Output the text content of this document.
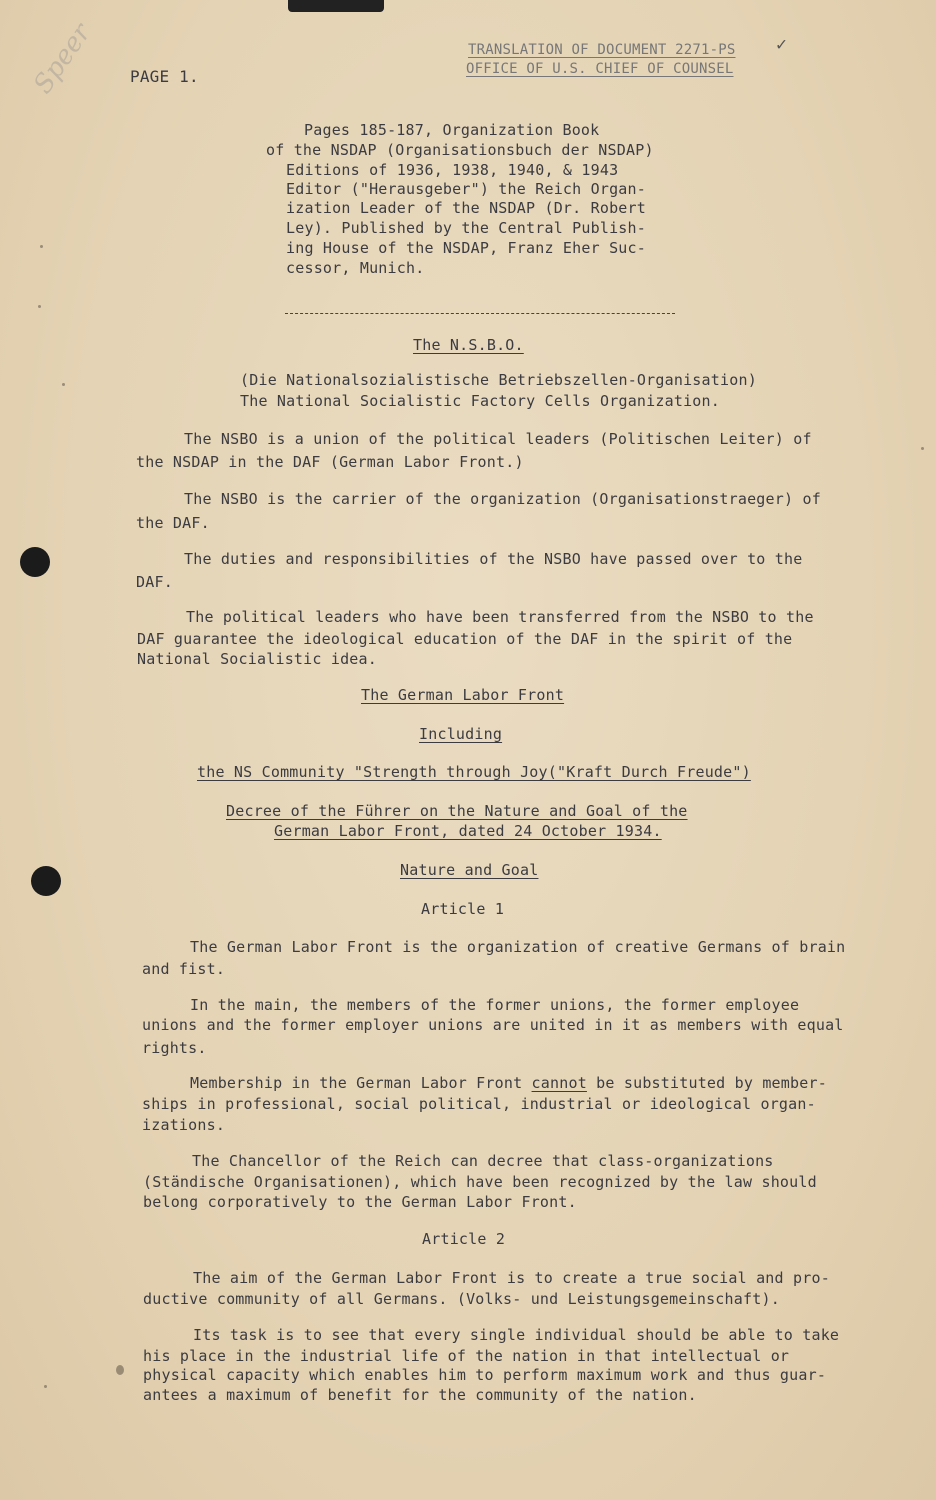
Speer PAGE 1.
TRANSLATION OF DOCUMENT 2271-PS
OFFICE OF U.S. CHIEF OF COUNSEL
✓
Pages 185-187, Organization Book
of the NSDAP (Organisationsbuch der NSDAP)
Editions of 1936, 1938, 1940, & 1943
Editor ("Herausgeber") the Reich Organ-
ization Leader of the NSDAP (Dr. Robert
Ley). Published by the Central Publish-
ing House of the NSDAP, Franz Eher Suc-
cessor, Munich.
The N.S.B.O.
(Die Nationalsozialistische Betriebszellen-Organisation)
The National Socialistic Factory Cells Organization.
The NSBO is a union of the political leaders (Politischen Leiter) of
the NSDAP in the DAF (German Labor Front.)
The NSBO is the carrier of the organization (Organisationstraeger) of
the DAF.
The duties and responsibilities of the NSBO have passed over to the
DAF.
The political leaders who have been transferred from the NSBO to the
DAF guarantee the ideological education of the DAF in the spirit of the
National Socialistic idea.
The German Labor Front
Including
the NS Community "Strength through Joy("Kraft Durch Freude")
Decree of the Führer on the Nature and Goal of the
German Labor Front, dated 24 October 1934.
Nature and Goal
Article 1
The German Labor Front is the organization of creative Germans of brain
and fist.
In the main, the members of the former unions, the former employee
unions and the former employer unions are united in it as members with equal
rights.
Membership in the German Labor Front cannot be substituted by member-
ships in professional, social political, industrial or ideological organ-
izations.
The Chancellor of the Reich can decree that class-organizations
(Ständische Organisationen), which have been recognized by the law should
belong corporatively to the German Labor Front.
Article 2
The aim of the German Labor Front is to create a true social and pro-
ductive community of all Germans. (Volks- und Leistungsgemeinschaft).
Its task is to see that every single individual should be able to take
his place in the industrial life of the nation in that intellectual or
physical capacity which enables him to perform maximum work and thus guar-
antees a maximum of benefit for the community of the nation.
